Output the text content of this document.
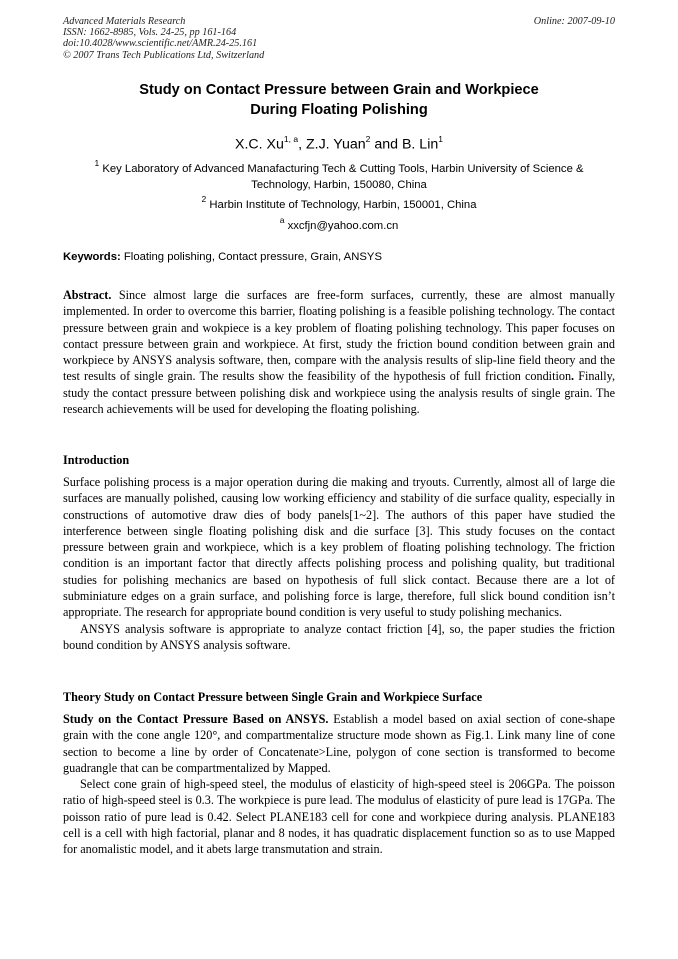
Advanced Materials Research
ISSN: 1662-8985, Vols. 24-25, pp 161-164
doi:10.4028/www.scientific.net/AMR.24-25.161
© 2007 Trans Tech Publications Ltd, Switzerland
Online: 2007-09-10
Study on Contact Pressure between Grain and Workpiece
During Floating Polishing
X.C. Xu$^{1, a}$, Z.J. Yuan$^2$ and B. Lin$^1$
$^1$ Key Laboratory of Advanced Manafacturing Tech & Cutting Tools, Harbin University of Science &
Technology, Harbin, 150080, China
$^2$ Harbin Institute of Technology, Harbin, 150001, China
$^a$ xxcfjn@yahoo.com.cn
Keywords: Floating polishing, Contact pressure, Grain, ANSYS
Abstract. Since almost large die surfaces are free-form surfaces, currently, these are almost manually implemented. In order to overcome this barrier, floating polishing is a feasible polishing technology. The contact pressure between grain and wokpiece is a key problem of floating polishing technology. This paper focuses on contact pressure between grain and workpiece. At first, study the friction bound condition between grain and workpiece by ANSYS analysis software, then, compare with the analysis results of slip-line field theory and the test results of single grain. The results show the feasibility of the hypothesis of full friction condition. Finally, study the contact pressure between polishing disk and workpiece using the analysis results of single grain. The research achievements will be used for developing the floating polishing.
Introduction

Surface polishing process is a major operation during die making and tryouts. Currently, almost all of large die surfaces are manually polished, causing low working efficiency and stability of die surface quality, especially in constructions of automotive draw dies of body panels[1~2]. The authors of this paper have studied the interference between single floating polishing disk and die surface [3]. This study focuses on the contact pressure between grain and workpiece, which is a key problem of floating polishing technology. The friction condition is an important factor that directly affects polishing process and polishing quality, but traditional studies for polishing mechanics are based on hypothesis of full slick contact. Because there are a lot of subminiature edges on a grain surface, and polishing force is large, therefore, full slick bound condition isn’t appropriate. The research for appropriate bound condition is very useful to study polishing mechanics.

ANSYS analysis software is appropriate to analyze contact friction [4], so, the paper studies the friction bound condition by ANSYS analysis software.

Theory Study on Contact Pressure between Single Grain and Workpiece Surface

Study on the Contact Pressure Based on ANSYS. Establish a model based on axial section of cone-shape grain with the cone angle 120°, and compartmentalize structure mode shown as Fig.1. Link many line of cone section to become a line by order of Concatenate>Line, polygon of cone section is transformed to become guadrangle that can be compartmentalized by Mapped.

Select cone grain of high-speed steel, the modulus of elasticity of high-speed steel is 206GPa. The poisson ratio of high-speed steel is 0.3. The workpiece is pure lead. The modulus of elasticity of pure lead is 17GPa. The poisson ratio of pure lead is 0.42. Select PLANE183 cell for cone and workpiece during analysis. PLANE183 cell is a cell with high factorial, planar and 8 nodes, it has quadratic displacement function so as to use Mapped for anomalistic model, and it abets large transmutation and strain.
